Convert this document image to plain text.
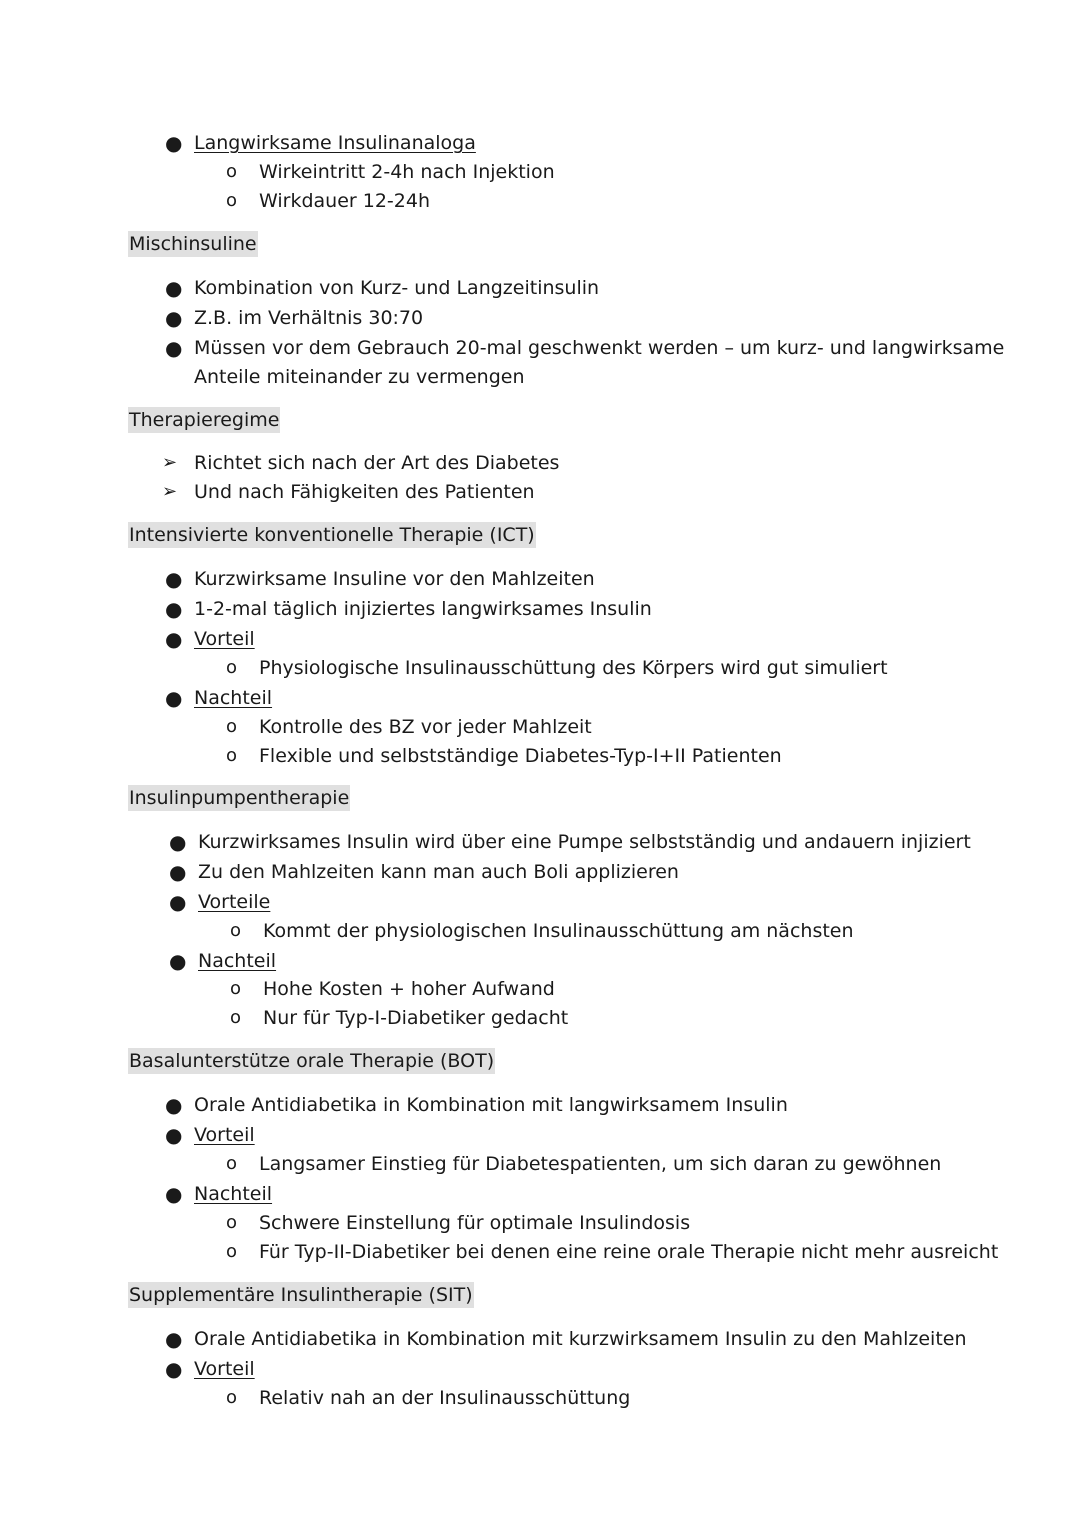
● Langwirksame Insulinanaloga
o Wirkeintritt 2-4h nach Injektion
o Wirkdauer 12-24h
Mischinsuline
● Kombination von Kurz- und Langzeitinsulin
● Z.B. im Verhältnis 30:70
● Müssen vor dem Gebrauch 20-mal geschwenkt werden – um kurz- und langwirksame
Anteile miteinander zu vermengen
Therapieregime
➢ Richtet sich nach der Art des Diabetes
➢ Und nach Fähigkeiten des Patienten
Intensivierte konventionelle Therapie (ICT)
● Kurzwirksame Insuline vor den Mahlzeiten
● 1-2-mal täglich injiziertes langwirksames Insulin
● Vorteil
o Physiologische Insulinausschüttung des Körpers wird gut simuliert
● Nachteil
o Kontrolle des BZ vor jeder Mahlzeit
o Flexible und selbstständige Diabetes-Typ-I+II Patienten
Insulinpumpentherapie
● Kurzwirksames Insulin wird über eine Pumpe selbstständig und andauern injiziert
● Zu den Mahlzeiten kann man auch Boli applizieren
● Vorteile
o Kommt der physiologischen Insulinausschüttung am nächsten
● Nachteil
o Hohe Kosten + hoher Aufwand
o Nur für Typ-I-Diabetiker gedacht
Basalunterstütze orale Therapie (BOT)
● Orale Antidiabetika in Kombination mit langwirksamem Insulin
● Vorteil
o Langsamer Einstieg für Diabetespatienten, um sich daran zu gewöhnen
● Nachteil
o Schwere Einstellung für optimale Insulindosis
o Für Typ-II-Diabetiker bei denen eine reine orale Therapie nicht mehr ausreicht
Supplementäre Insulintherapie (SIT)
● Orale Antidiabetika in Kombination mit kurzwirksamem Insulin zu den Mahlzeiten
● Vorteil
o Relativ nah an der Insulinausschüttung
